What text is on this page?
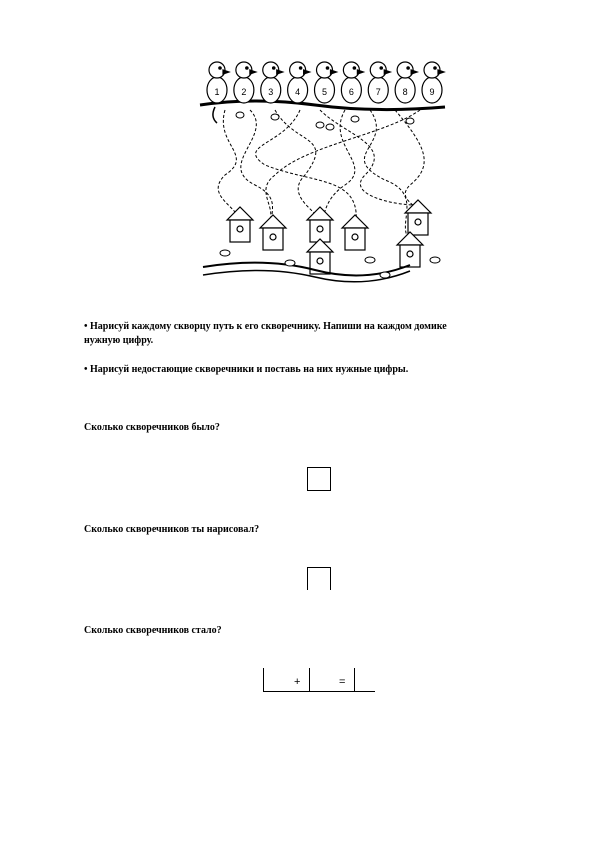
1 2 3 4 5 6 7 8 9
• Нарисуй каждому скворцу путь к его скворечнику. Напиши на каждом домике
нужную цифру.
• Нарисуй недостающие скворечники и поставь на них нужные цифры.
Сколько скворечников было?
Сколько скворечников ты нарисовал?
Сколько скворечников стало?
+	=
